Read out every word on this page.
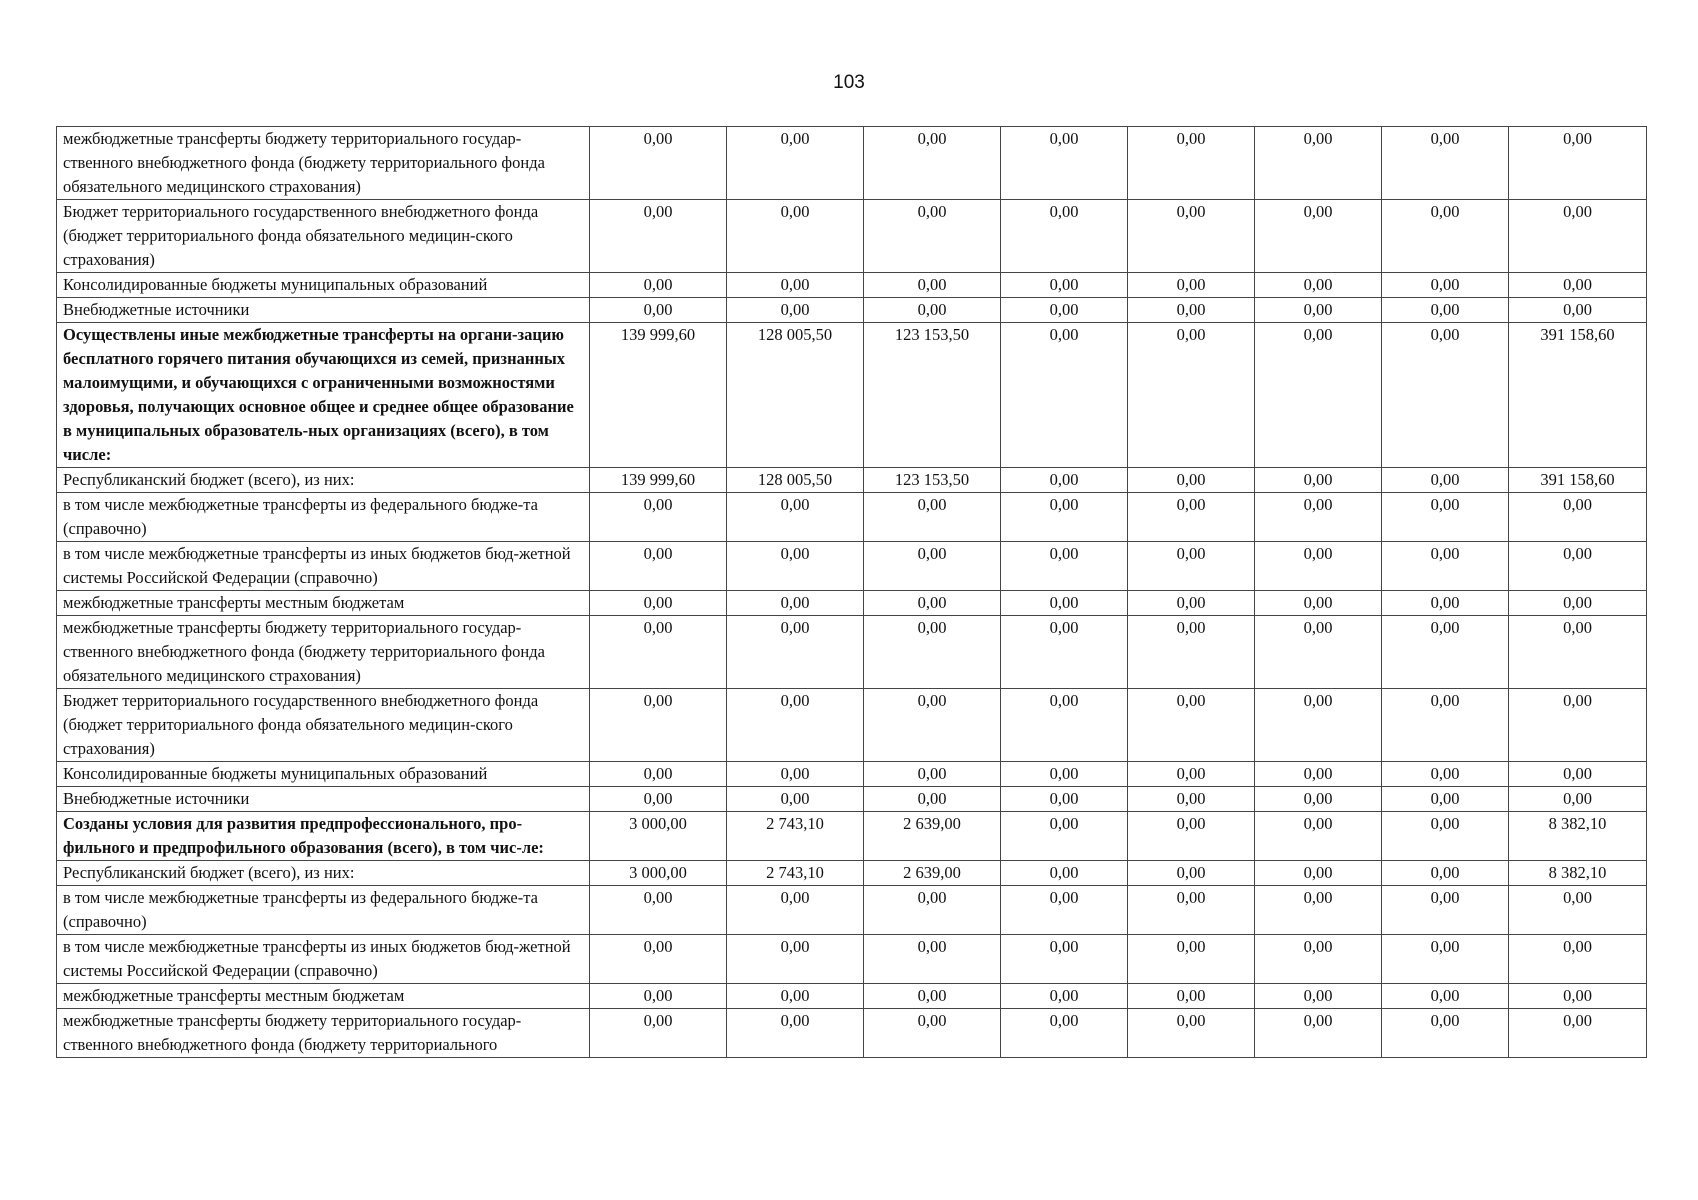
103
межбюджетные трансферты бюджету территориального государ-ственного внебюджетного фонда (бюджету территориального фонда обязательного медицинского страхования)	0,00	0,00	0,00	0,00	0,00	0,00	0,00	0,00
Бюджет территориального государственного внебюджетного фонда (бюджет территориального фонда обязательного медицин-ского страхования)	0,00	0,00	0,00	0,00	0,00	0,00	0,00	0,00
Консолидированные бюджеты муниципальных образований	0,00	0,00	0,00	0,00	0,00	0,00	0,00	0,00
Внебюджетные источники	0,00	0,00	0,00	0,00	0,00	0,00	0,00	0,00
Осуществлены иные межбюджетные трансферты на органи-зацию бесплатного горячего питания обучающихся из семей, признанных малоимущими, и обучающихся с ограниченными возможностями здоровья, получающих основное общее и среднее общее образование в муниципальных образователь-ных организациях (всего), в том числе:	139 999,60	128 005,50	123 153,50	0,00	0,00	0,00	0,00	391 158,60
Республиканский бюджет (всего), из них:	139 999,60	128 005,50	123 153,50	0,00	0,00	0,00	0,00	391 158,60
в том числе межбюджетные трансферты из федерального бюдже-та (справочно)	0,00	0,00	0,00	0,00	0,00	0,00	0,00	0,00
в том числе межбюджетные трансферты из иных бюджетов бюд-жетной системы Российской Федерации (справочно)	0,00	0,00	0,00	0,00	0,00	0,00	0,00	0,00
межбюджетные трансферты местным бюджетам	0,00	0,00	0,00	0,00	0,00	0,00	0,00	0,00
межбюджетные трансферты бюджету территориального государ-ственного внебюджетного фонда (бюджету территориального фонда обязательного медицинского страхования)	0,00	0,00	0,00	0,00	0,00	0,00	0,00	0,00
Бюджет территориального государственного внебюджетного фонда (бюджет территориального фонда обязательного медицин-ского страхования)	0,00	0,00	0,00	0,00	0,00	0,00	0,00	0,00
Консолидированные бюджеты муниципальных образований	0,00	0,00	0,00	0,00	0,00	0,00	0,00	0,00
Внебюджетные источники	0,00	0,00	0,00	0,00	0,00	0,00	0,00	0,00
Созданы условия для развития предпрофессионального, про-фильного и предпрофильного образования (всего), в том чис-ле:	3 000,00	2 743,10	2 639,00	0,00	0,00	0,00	0,00	8 382,10
Республиканский бюджет (всего), из них:	3 000,00	2 743,10	2 639,00	0,00	0,00	0,00	0,00	8 382,10
в том числе межбюджетные трансферты из федерального бюдже-та (справочно)	0,00	0,00	0,00	0,00	0,00	0,00	0,00	0,00
в том числе межбюджетные трансферты из иных бюджетов бюд-жетной системы Российской Федерации (справочно)	0,00	0,00	0,00	0,00	0,00	0,00	0,00	0,00
межбюджетные трансферты местным бюджетам	0,00	0,00	0,00	0,00	0,00	0,00	0,00	0,00
межбюджетные трансферты бюджету территориального государ-ственного внебюджетного фонда (бюджету территориального	0,00	0,00	0,00	0,00	0,00	0,00	0,00	0,00
